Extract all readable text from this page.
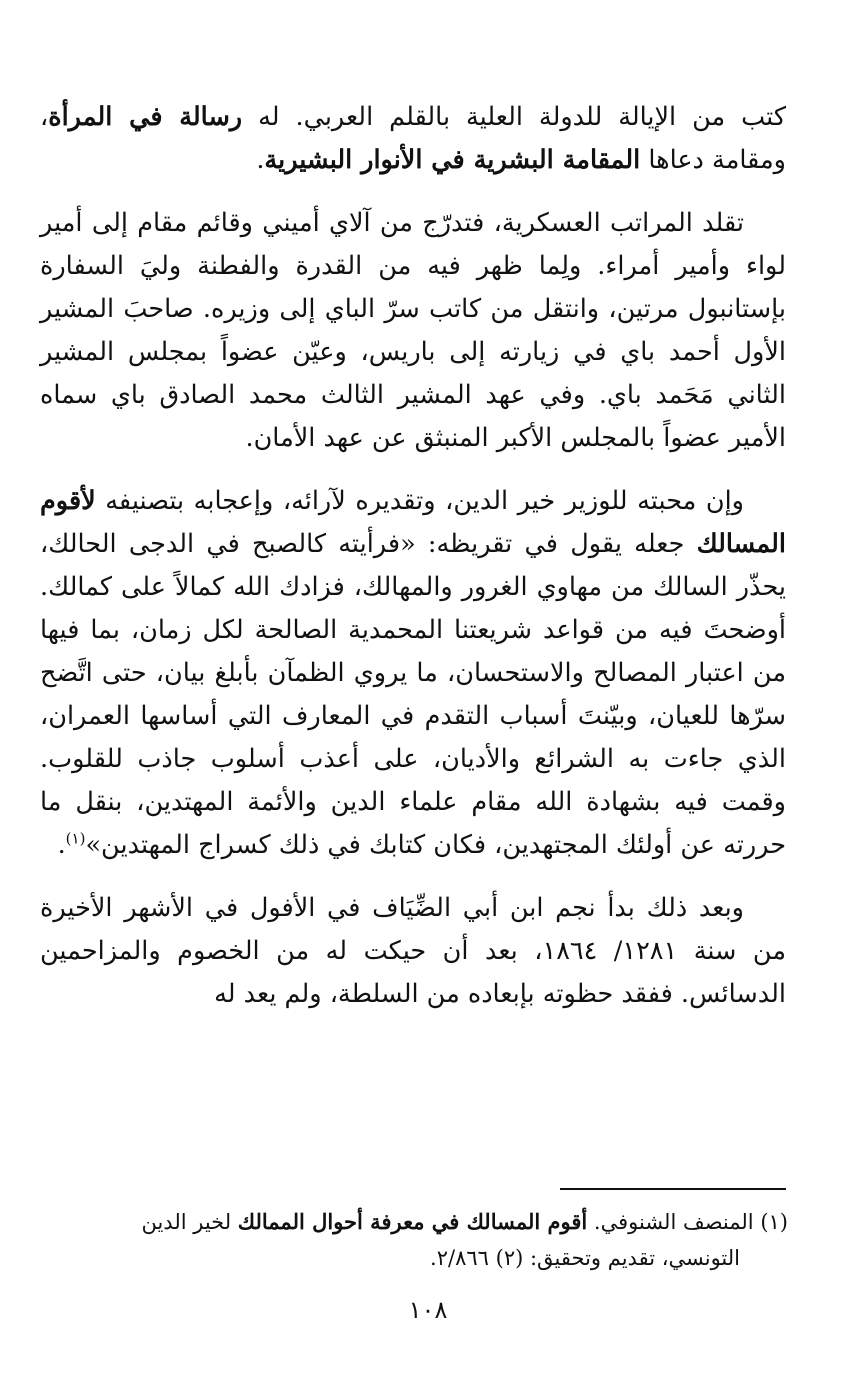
كتب من الإيالة للدولة العلية بالقلم العربي. له رسالة في المرأة، ومقامة دعاها المقامة البشرية في الأنوار البشيرية.

تقلد المراتب العسكرية، فتدرّج من آلاي أميني وقائم مقام إلى أمير لواء وأمير أمراء. ولِما ظهر فيه من القدرة والفطنة وليَ السفارة بإستانبول مرتين، وانتقل من كاتب سرّ الباي إلى وزيره. صاحبَ المشير الأول أحمد باي في زيارته إلى باريس، وعيّن عضواً بمجلس المشير الثاني مَحَمد باي. وفي عهد المشير الثالث محمد الصادق باي سماه الأمير عضواً بالمجلس الأكبر المنبثق عن عهد الأمان.

وإن محبته للوزير خير الدين، وتقديره لآرائه، وإعجابه بتصنيفه لأقوم المسالك جعله يقول في تقريظه: «فرأيته كالصبح في الدجى الحالك، يحذّر السالك من مهاوي الغرور والمهالك، فزادك الله كمالاً على كمالك. أوضحتَ فيه من قواعد شريعتنا المحمدية الصالحة لكل زمان، بما فيها من اعتبار المصالح والاستحسان، ما يروي الظمآن بأبلغ بيان، حتى اتَّضح سرّها للعيان، وبيّنتَ أسباب التقدم في المعارف التي أساسها العمران، الذي جاءت به الشرائع والأديان، على أعذب أسلوب جاذب للقلوب. وقمت فيه بشهادة الله مقام علماء الدين والأئمة المهتدين، بنقل ما حررته عن أولئك المجتهدين، فكان كتابك في ذلك كسراج المهتدين»$^{(١)}$.

وبعد ذلك بدأ نجم ابن أبي الضِّيَاف في الأفول في الأشهر الأخيرة من سنة ١٢٨١/ ١٨٦٤، بعد أن حيكت له من الخصوم والمزاحمين الدسائس. ففقد حظوته بإبعاده من السلطة، ولم يعد له

(١) المنصف الشنوفي. أقوم المسالك في معرفة أحوال الممالك لخير الدين
التونسي، تقديم وتحقيق: (٢) ٢/٨٦٦.
١٠٨
